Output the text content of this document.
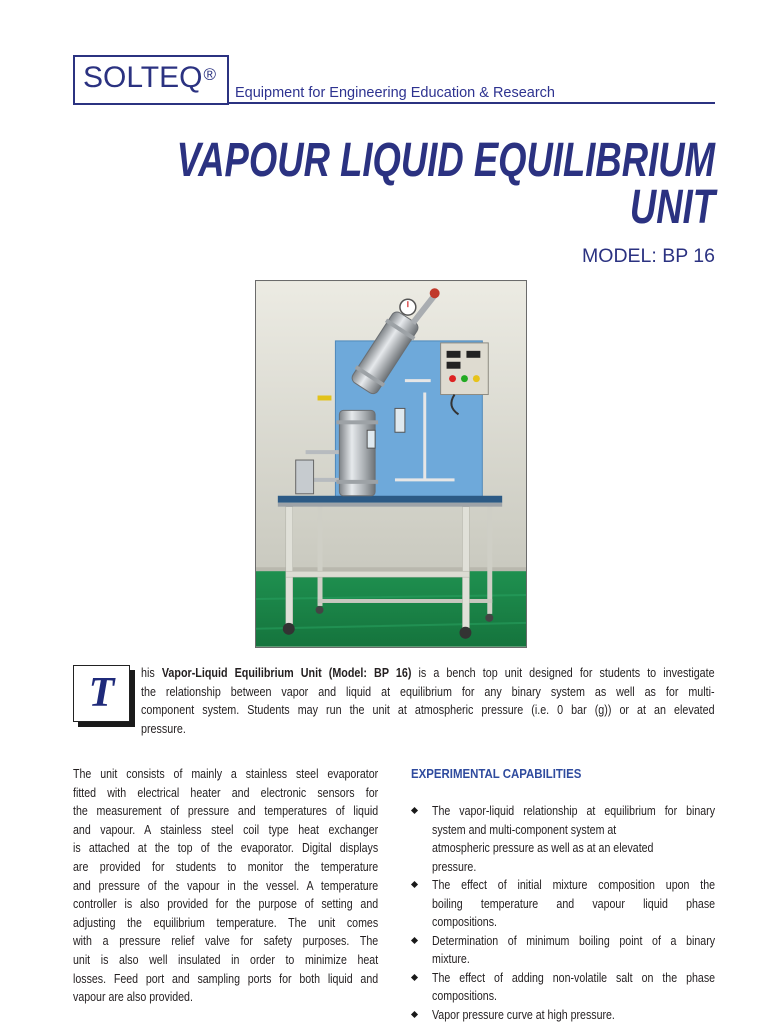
SOLTEQ®
Equipment for Engineering Education & Research
VAPOUR LIQUID EQUILIBRIUM
UNIT
MODEL: BP 16
T	his Vapor-Liquid Equilibrium Unit (Model: BP 16) is a bench top unit designed for students to investigate
the relationship between vapor and liquid at equilibrium for any binary system as well as for multi-
component system. Students may run the unit at atmospheric pressure (i.e. 0 bar (g)) or at an elevated
pressure.
The unit consists of mainly a stainless steel evaporator
fitted with electrical heater and electronic sensors for
the measurement of pressure and temperatures of liquid
and vapour. A stainless steel coil type heat exchanger
is attached at the top of the evaporator. Digital displays
are provided for students to monitor the temperature
and pressure of the vapour in the vessel. A temperature
controller is also provided for the purpose of setting and
adjusting the equilibrium temperature. The unit comes
with a pressure relief valve for safety purposes. The
unit is also well insulated in order to minimize heat
losses. Feed port and sampling ports for both liquid and
vapour are also provided.
EXPERIMENTAL CAPABILITIES
The vapor-liquid relationship at equilibrium for binary
system and multi-component system at
atmospheric pressure as well as at an elevated
pressure.
The effect of initial mixture composition upon the
boiling temperature and vapour liquid phase
compositions.
Determination of minimum boiling point of a binary
mixture.
The effect of adding non-volatile salt on the phase
compositions.
Vapor pressure curve at high pressure.
